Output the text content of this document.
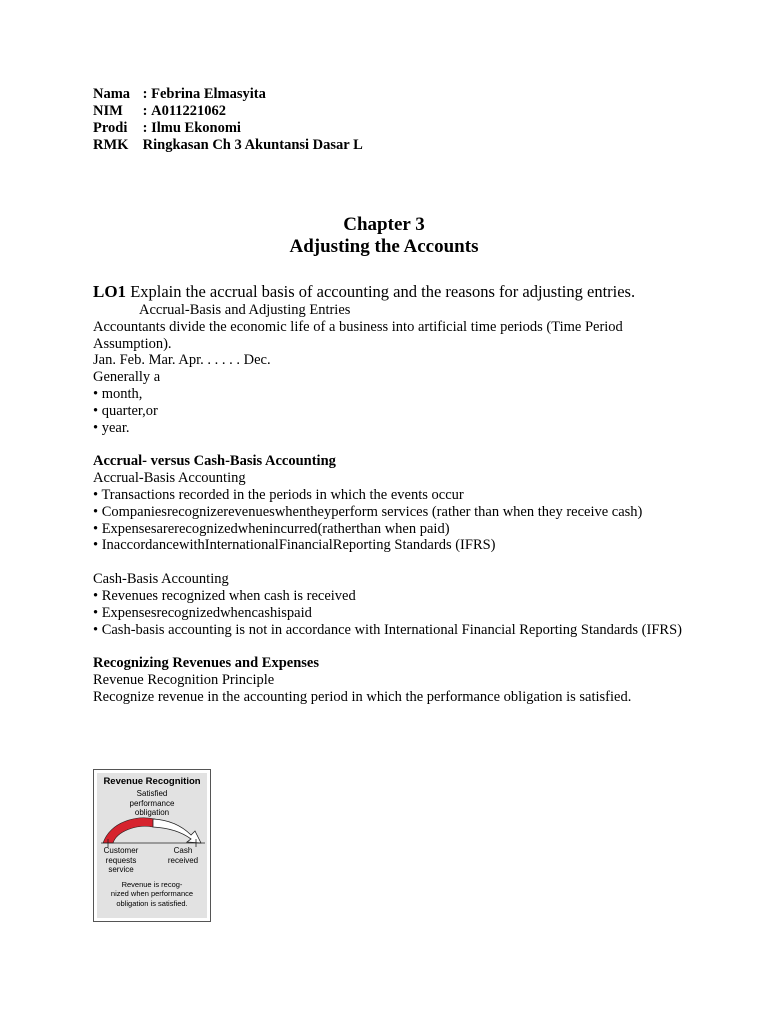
Nama : Febrina Elmasyita
NIM	: A011221062
Prodi : Ilmu Ekonomi
RMK
Ringkasan Ch 3 Akuntansi Dasar L
Chapter 3
Adjusting the Accounts
LO1 Explain the accrual basis of accounting and the reasons for adjusting entries.
Accrual-Basis and Adjusting Entries
Accountants divide the economic life of a business into artificial time periods (Time Period Assumption).
Jan. Feb. Mar. Apr. . . . . . Dec.
Generally a
• month,
• quarter,or
• year.
Accrual- versus Cash-Basis Accounting
Accrual-Basis Accounting
• Transactions recorded in the periods in which the events occur
• Companiesrecognizerevenueswhentheyperform services (rather than when they receive cash)
• Expensesarerecognizedwhenincurred(ratherthan when paid)
• InaccordancewithInternationalFinancialReporting Standards (IFRS)
Cash-Basis Accounting
• Revenues recognized when cash is received
• Expensesrecognizedwhencashispaid
• Cash-basis accounting is not in accordance with International Financial Reporting Standards (IFRS)
Recognizing Revenues and Expenses
Revenue Recognition Principle
Recognize revenue in the accounting period in which the performance obligation is satisfied.
Revenue Recognition
Satisfied
performance
obligation
Customer
requests
service
Cash
received
Revenue is recog-
nized when performance
obligation is satisfied.
